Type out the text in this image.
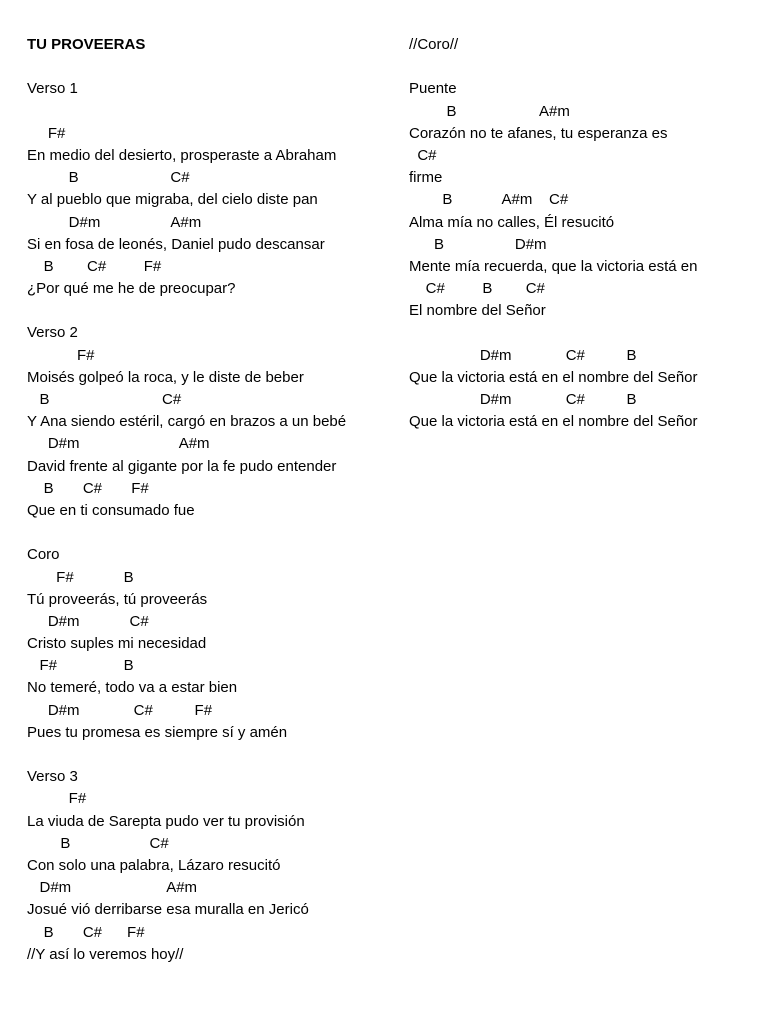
TU PROVEERAS
Verso 1
F#
En medio del desierto, prosperaste a Abraham
B                      C#
Y al pueblo que migraba, del cielo diste pan
D#m                 A#m
Si en fosa de leonés, Daniel pudo descansar
B        C#         F#
¿Por qué me he de preocupar?
Verso 2
F#
Moisés golpeó la roca, y le diste de beber
B                           C#
Y Ana siendo estéril, cargó en brazos a un bebé
D#m                        A#m
David frente al gigante por la fe pudo entender
B       C#       F#
Que en ti consumado fue
Coro
F#            B
Tú proveerás, tú proveerás
D#m            C#
Cristo suples mi necesidad
F#                B
No temeré, todo va a estar bien
D#m             C#          F#
Pues tu promesa es siempre sí y amén
Verso 3
F#
La viuda de Sarepta pudo ver tu provisión
B                   C#
Con solo una palabra, Lázaro resucitó
D#m                       A#m
Josué vió derribarse esa muralla en Jericó
B       C#      F#
//Y así lo veremos hoy//
//Coro//
Puente
B                    A#m
Corazón no te afanes, tu esperanza es
C#
firme
B            A#m    C#
Alma mía no calles, Él resucitó
B                 D#m
Mente mía recuerda, que la victoria está en
C#         B        C#
El nombre del Señor
D#m             C#          B
Que la victoria está en el nombre del Señor
D#m             C#          B
Que la victoria está en el nombre del Señor
